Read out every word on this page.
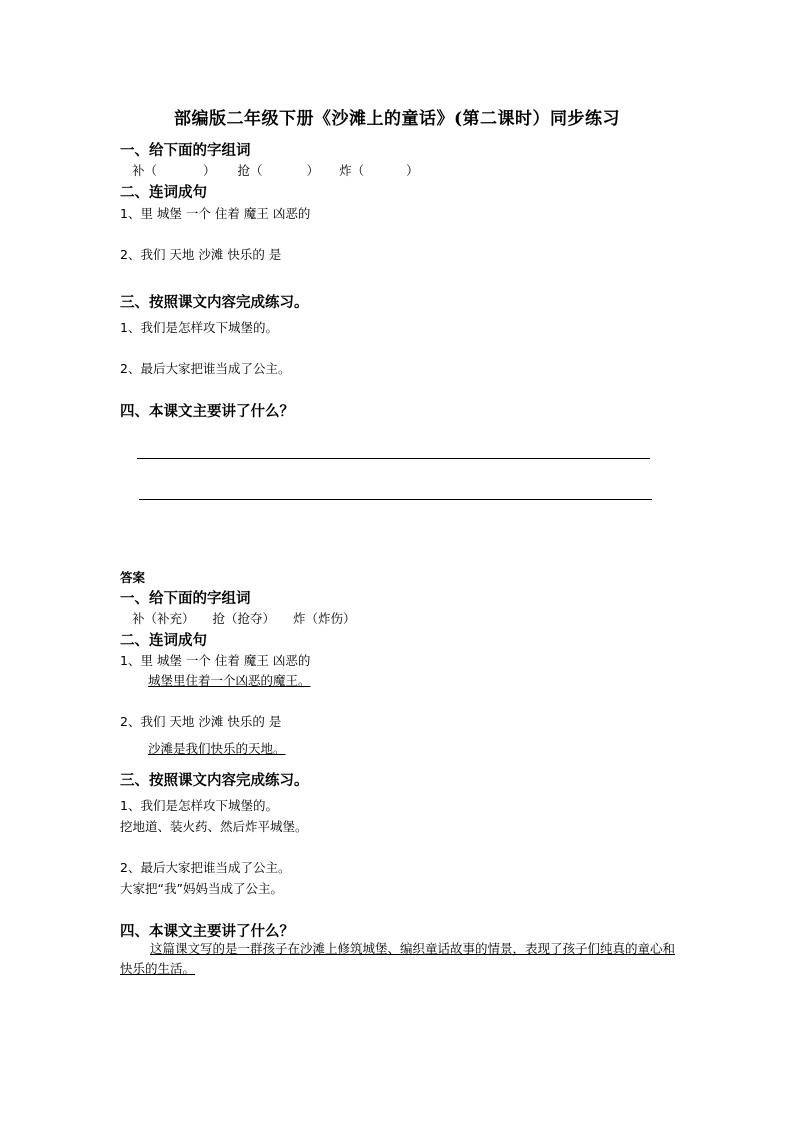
部编版二年级下册《沙滩上的童话》(第二课时）同步练习
一、给下面的字组词
补（	） 抢（	） 炸（	）
二、连词成句
1、里 城堡 一个 住着 魔王 凶恶的
2、我们 天地 沙滩 快乐的 是
三、按照课文内容完成练习。
1、我们是怎样攻下城堡的。
2、最后大家把谁当成了公主。
四、本课文主要讲了什么？
答案
一、给下面的字组词
补（补充） 抢（抢夺） 炸（炸伤）
二、连词成句
1、里 城堡 一个 住着 魔王 凶恶的
城堡里住着一个凶恶的魔王。
2、我们 天地 沙滩 快乐的 是
沙滩是我们快乐的天地。
三、按照课文内容完成练习。
1、我们是怎样攻下城堡的。
挖地道、装火药、然后炸平城堡。
2、最后大家把谁当成了公主。
大家把“我”妈妈当成了公主。
四、本课文主要讲了什么？
这篇课文写的是一群孩子在沙滩上修筑城堡、编织童话故事的情景，表现了孩子们纯真的童心和快乐的生活。
